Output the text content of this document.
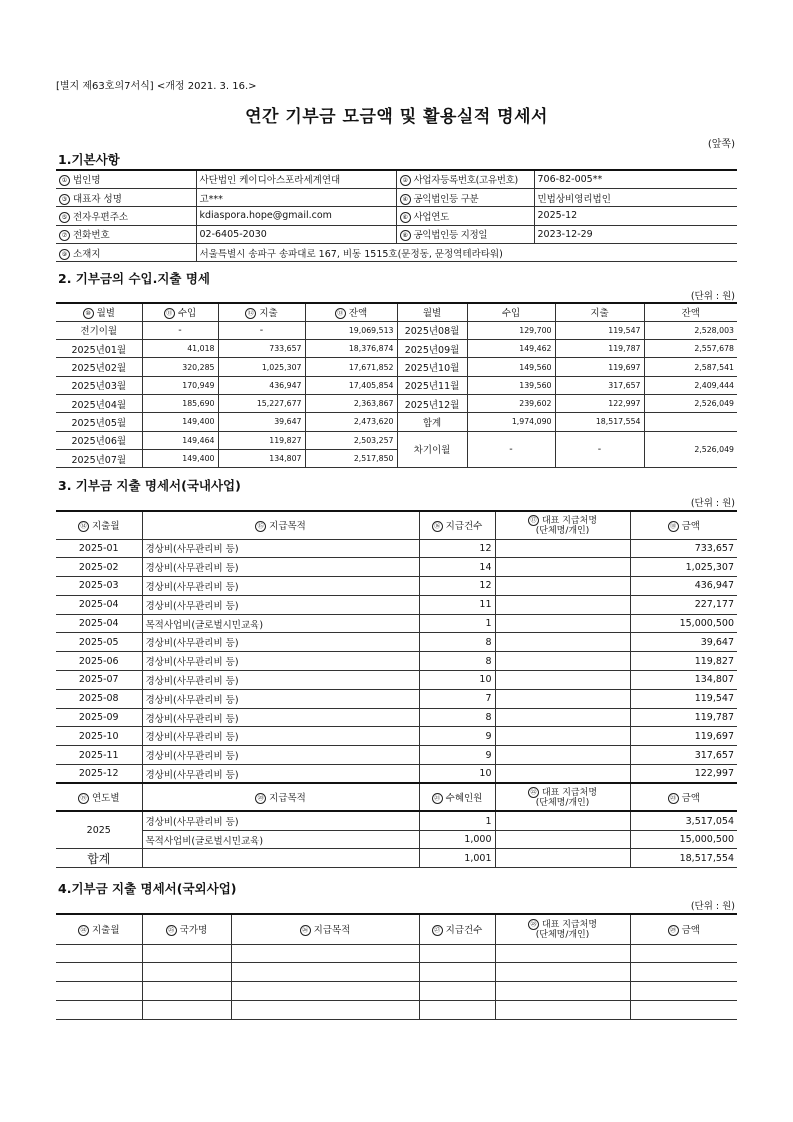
[별지 제63호의7서식] <개정 2021. 3. 16.>
연간 기부금 모금액 및 활용실적 명세서
(앞쪽)
1.기본사항
① 법인명	사단법인 케이디아스포라세계연대	② 사업자등록번호(고유번호)	706-82-005**
③ 대표자 성명	고***	④ 공익법인등 구분	민법상비영리법인
⑤ 전자우편주소	kdiaspora.hope@gmail.com	⑥ 사업연도	2025-12
⑦ 전화번호	02-6405-2030	⑧ 공익법인등 지정일	2023-12-29
⑨ 소재지	서울특별시 송파구 송파대로 167, 비동 1515호(문정동, 문정역테라타워)		
2. 기부금의 수입.지출 명세
(단위 : 원)
⑩ 월별	⑪ 수입	⑫ 지출	⑬ 잔액	월별	수입	지출	잔액
전기이월	-	-	19,069,513	2025년08월	129,700	119,547	2,528,003
2025년01월	41,018	733,657	18,376,874	2025년09월	149,462	119,787	2,557,678
2025년02월	320,285	1,025,307	17,671,852	2025년10월	149,560	119,697	2,587,541
2025년03월	170,949	436,947	17,405,854	2025년11월	139,560	317,657	2,409,444
2025년04월	185,690	15,227,677	2,363,867	2025년12월	239,602	122,997	2,526,049
2025년05월	149,400	39,647	2,473,620	합계	1,974,090	18,517,554	
2025년06월	149,464	119,827	2,503,257	차기이월	-	-	2,526,049
2025년07월	149,400	134,807	2,517,850				
3. 기부금 지출 명세서(국내사업)
(단위 : 원)
⑭ 지출월	⑮ 지급목적	⑯ 지급건수	⑰ 대표 지급처명
(단체명/개인)	⑱ 금액
2025-01	경상비(사무관리비 등)	12		733,657
2025-02	경상비(사무관리비 등)	14		1,025,307
2025-03	경상비(사무관리비 등)	12		436,947
2025-04	경상비(사무관리비 등)	11		227,177
2025-04	목적사업비(글로벌시민교육)	1		15,000,500
2025-05	경상비(사무관리비 등)	8		39,647
2025-06	경상비(사무관리비 등)	8		119,827
2025-07	경상비(사무관리비 등)	10		134,807
2025-08	경상비(사무관리비 등)	7		119,547
2025-09	경상비(사무관리비 등)	8		119,787
2025-10	경상비(사무관리비 등)	9		119,697
2025-11	경상비(사무관리비 등)	9		317,657
2025-12	경상비(사무관리비 등)	10		122,997
⑲ 연도별	⑳ 지급목적	㉑ 수혜인원	㉒ 대표 지급처명
(단체명/개인)	㉓ 금액
2025	경상비(사무관리비 등)	1		3,517,054
	목적사업비(글로벌시민교육)	1,000		15,000,500
합계		1,001		18,517,554
4.기부금 지출 명세서(국외사업)
(단위 : 원)
㉔ 지출월	㉕ 국가명	㉖ 지급목적	㉗ 지급건수	㉘ 대표 지급처명
(단체명/개인)	㉙ 금액
